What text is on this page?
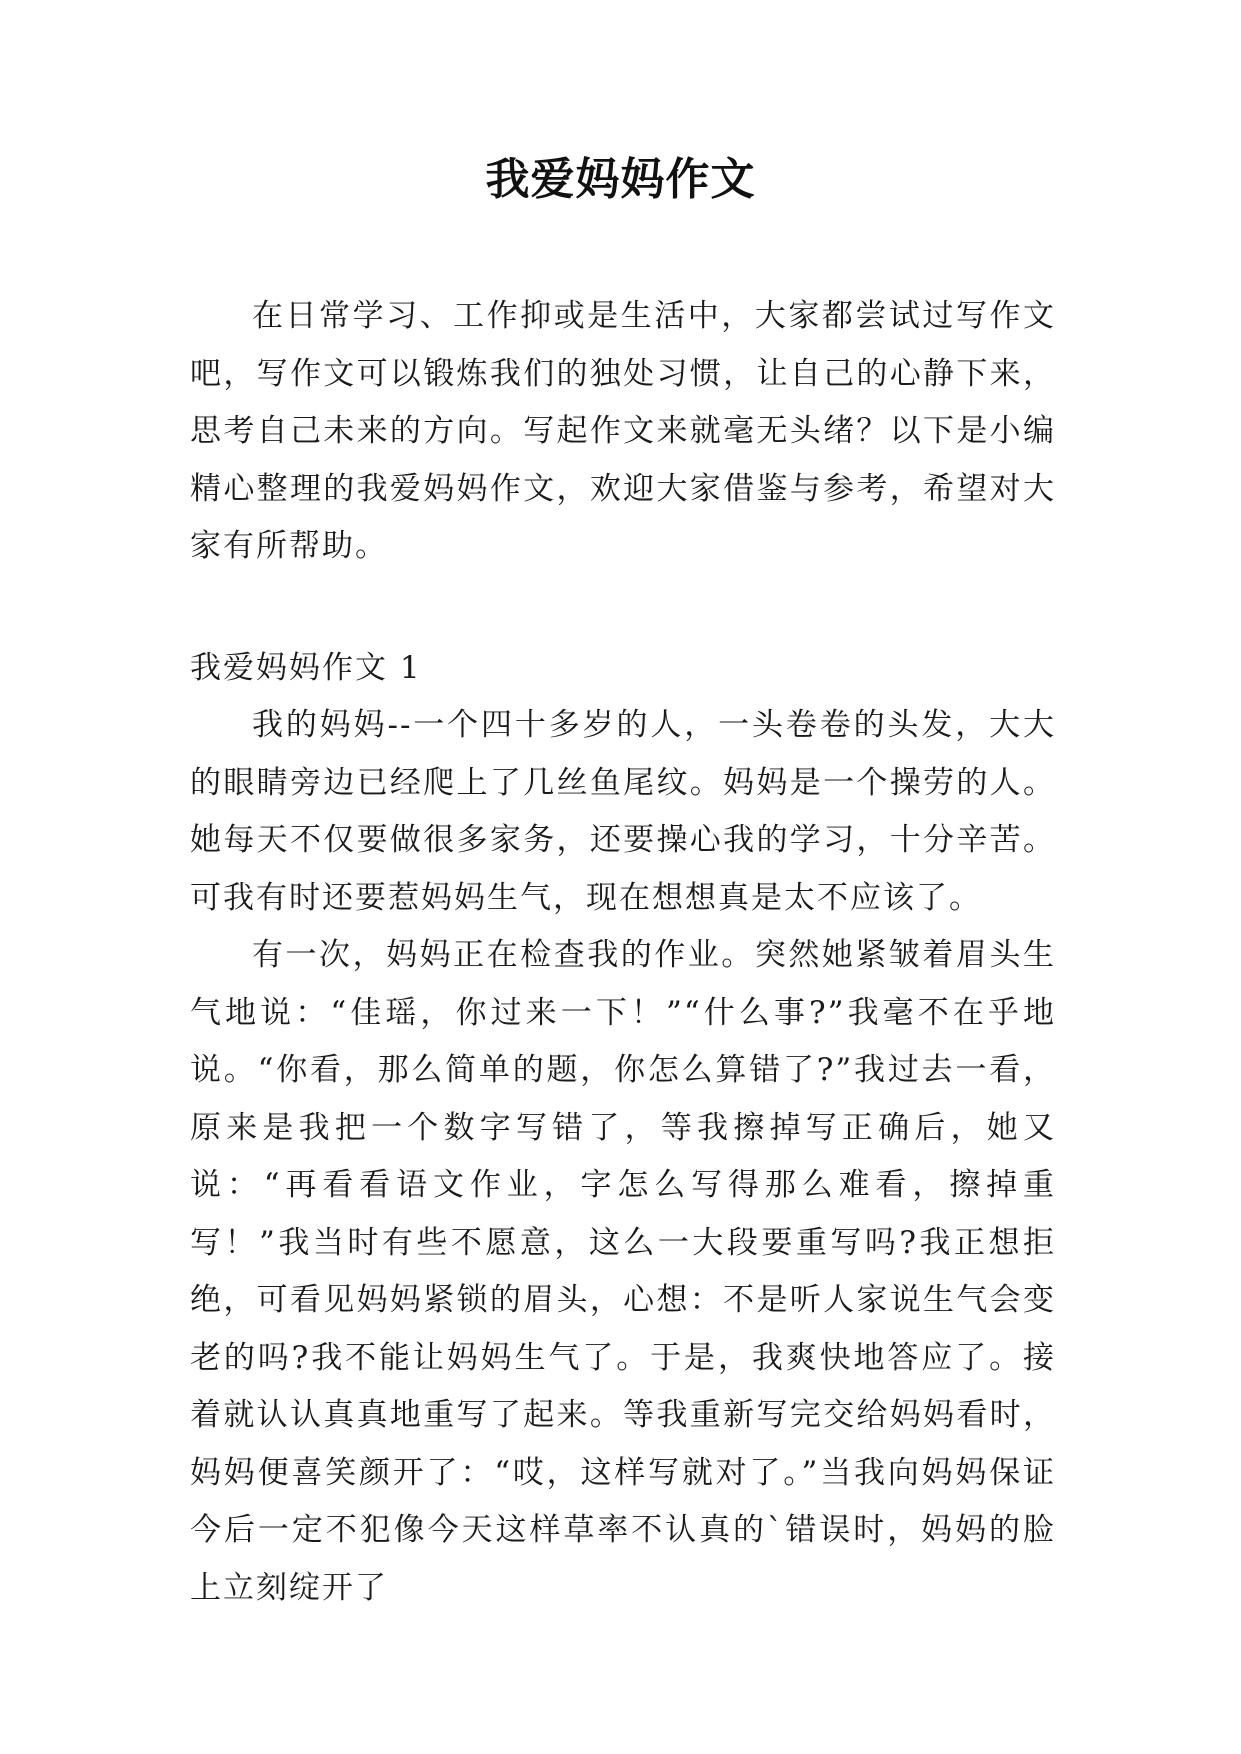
我爱妈妈作文

在日常学习、工作抑或是生活中，大家都尝试过写作文吧，写作文可以锻炼我们的独处习惯，让自己的心静下来，思考自己未来的方向。写起作文来就毫无头绪？以下是小编精心整理的我爱妈妈作文，欢迎大家借鉴与参考，希望对大家有所帮助。

我爱妈妈作文 1

我的妈妈--一个四十多岁的人，一头卷卷的头发，大大的眼睛旁边已经爬上了几丝鱼尾纹。妈妈是一个操劳的人。她每天不仅要做很多家务，还要操心我的学习，十分辛苦。可我有时还要惹妈妈生气，现在想想真是太不应该了。

有一次，妈妈正在检查我的作业。突然她紧皱着眉头生气地说：“佳瑶，你过来一下！”“什么事?”我毫不在乎地说。“你看，那么简单的题，你怎么算错了?”我过去一看，原来是我把一个数字写错了，等我擦掉写正确后，她又说：“再看看语文作业，字怎么写得那么难看，擦掉重写！”我当时有些不愿意，这么一大段要重写吗?我正想拒绝，可看见妈妈紧锁的眉头，心想：不是听人家说生气会变老的吗?我不能让妈妈生气了。于是，我爽快地答应了。接着就认认真真地重写了起来。等我重新写完交给妈妈看时，妈妈便喜笑颜开了：“哎，这样写就对了。”当我向妈妈保证今后一定不犯像今天这样草率不认真的`错误时，妈妈的脸上立刻绽开了
